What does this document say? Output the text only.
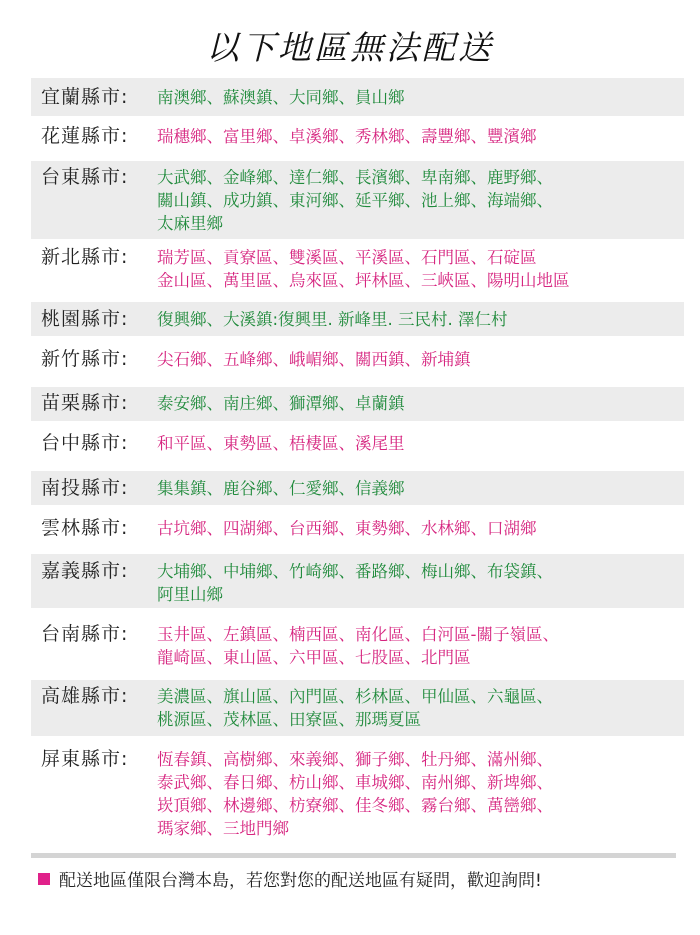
以下地區無法配送
宜蘭縣市:	南澳鄉、蘇澳鎮、大同鄉、員山鄉
花蓮縣市:	瑞穗鄉、富里鄉、卓溪鄉、秀林鄉、壽豐鄉、豐濱鄉
台東縣市:	大武鄉、金峰鄉、達仁鄉、長濱鄉、卑南鄉、鹿野鄉、
關山鎮、成功鎮、東河鄉、延平鄉、池上鄉、海端鄉、
太麻里鄉
新北縣市:	瑞芳區、貢寮區、雙溪區、平溪區、石門區、石碇區
金山區、萬里區、烏來區、坪林區、三峽區、陽明山地區
桃園縣市:	復興鄉、大溪鎮:復興里. 新峰里. 三民村. 澤仁村
新竹縣市:	尖石鄉、五峰鄉、峨嵋鄉、關西鎮、新埔鎮
苗栗縣市:	泰安鄉、南庄鄉、獅潭鄉、卓蘭鎮
台中縣市:	和平區、東勢區、梧棲區、溪尾里
南投縣市:	集集鎮、鹿谷鄉、仁愛鄉、信義鄉
雲林縣市:	古坑鄉、四湖鄉、台西鄉、東勢鄉、水林鄉、口湖鄉
嘉義縣市:	大埔鄉、中埔鄉、竹崎鄉、番路鄉、梅山鄉、布袋鎮、
阿里山鄉
台南縣市:	玉井區、左鎮區、楠西區、南化區、白河區-關子嶺區、
龍崎區、東山區、六甲區、七股區、北門區
高雄縣市:	美濃區、旗山區、內門區、杉林區、甲仙區、六龜區、
桃源區、茂林區、田寮區、那瑪夏區
屏東縣市:	恆春鎮、高樹鄉、來義鄉、獅子鄉、牡丹鄉、滿州鄉、
泰武鄉、春日鄉、枋山鄉、車城鄉、南州鄉、新埤鄉、
崁頂鄉、林邊鄉、枋寮鄉、佳冬鄉、霧台鄉、萬巒鄉、
瑪家鄉、三地門鄉
配送地區僅限台灣本島，若您對您的配送地區有疑問，歡迎詢問!
